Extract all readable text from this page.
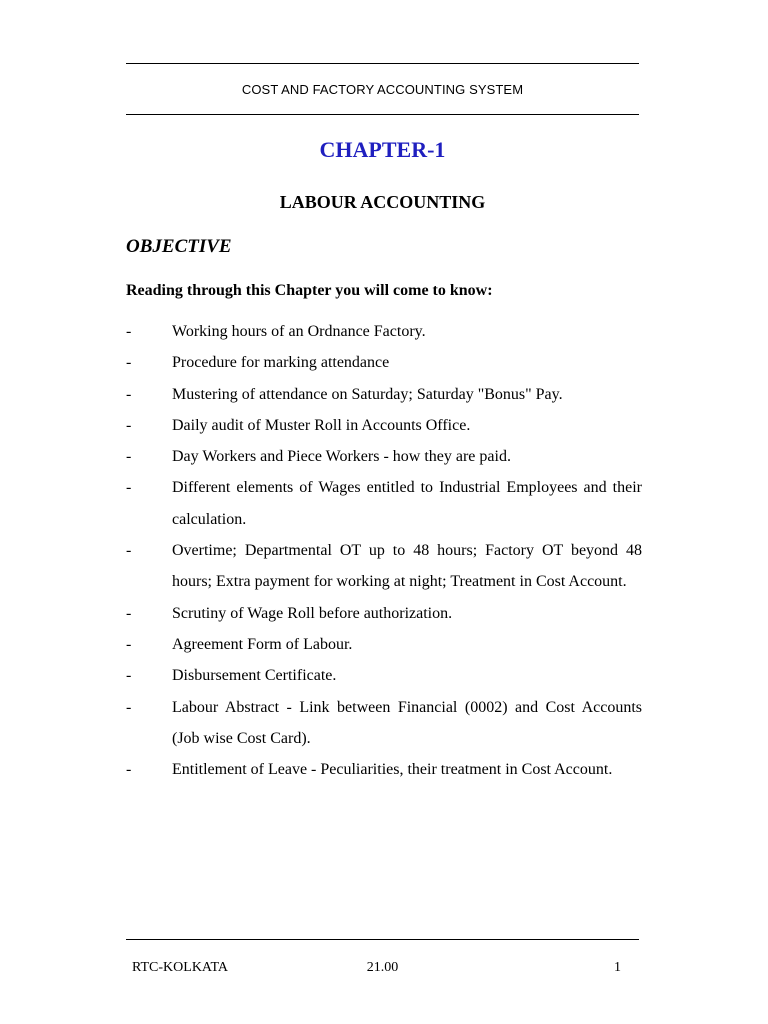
COST AND FACTORY ACCOUNTING SYSTEM
CHAPTER-1
LABOUR ACCOUNTING
OBJECTIVE
Reading through this Chapter you will come to know:
-	Working hours of an Ordnance Factory.
-	Procedure for marking attendance
-	Mustering of attendance on Saturday; Saturday "Bonus" Pay.
-	Daily audit of Muster Roll in Accounts Office.
-	Day Workers and Piece Workers - how they are paid.
-	Different elements of Wages entitled to Industrial Employees and their calculation.
-	Overtime; Departmental OT up to 48 hours; Factory OT beyond 48 hours; Extra payment for working at night; Treatment in Cost Account.
-	Scrutiny of Wage Roll before authorization.
-	Agreement Form of Labour.
-	Disbursement Certificate.
-	Labour Abstract - Link between Financial (0002) and Cost Accounts (Job wise Cost Card).
-	Entitlement of Leave - Peculiarities, their treatment in Cost Account.
RTC-KOLKATA	21.00	1
